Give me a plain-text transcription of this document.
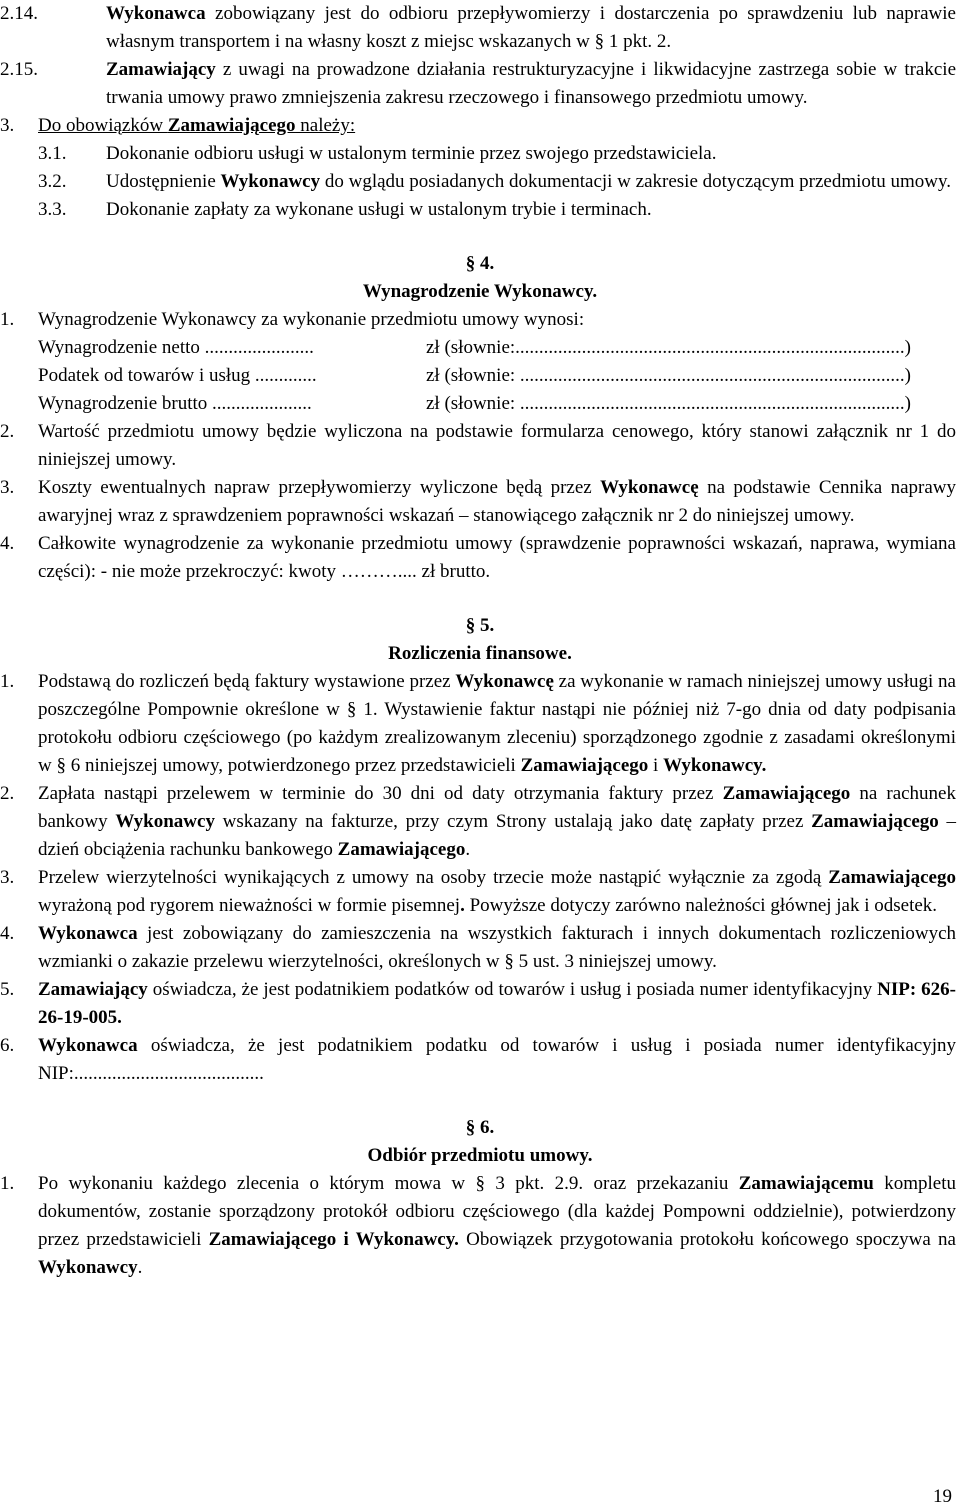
2.14.	Wykonawca zobowiązany jest do odbioru przepływomierzy i dostarczenia po sprawdzeniu lub naprawie własnym transportem i na własny koszt z miejsc wskazanych w § 1 pkt. 2.
2.15.	Zamawiający z uwagi na prowadzone działania restrukturyzacyjne i likwidacyjne zastrzega sobie w trakcie trwania umowy prawo zmniejszenia zakresu rzeczowego i finansowego przedmiotu umowy.
3. Do obowiązków Zamawiającego należy:
3.1. Dokonanie odbioru usługi w ustalonym terminie przez swojego przedstawiciela.
3.2. Udostępnienie Wykonawcy do wglądu posiadanych dokumentacji w zakresie dotyczącym przedmiotu umowy.
3.3. Dokonanie zapłaty za wykonane usługi w ustalonym trybie i terminach.
§ 4.
Wynagrodzenie Wykonawcy.
1. Wynagrodzenie Wykonawcy za wykonanie przedmiotu umowy wynosi:
Wynagrodzenie netto .......................	zł (słownie:..................................................................................)
Podatek od towarów i usług .............	zł (słownie: .................................................................................)
Wynagrodzenie brutto .....................	zł (słownie: .................................................................................)
2. Wartość przedmiotu umowy będzie wyliczona na podstawie formularza cenowego, który stanowi załącznik nr 1 do niniejszej umowy.
3. Koszty ewentualnych napraw przepływomierzy wyliczone będą przez Wykonawcę na podstawie Cennika naprawy awaryjnej wraz z sprawdzeniem poprawności wskazań – stanowiącego załącznik nr 2 do niniejszej umowy.
4. Całkowite wynagrodzenie za wykonanie przedmiotu umowy (sprawdzenie poprawności wskazań, naprawa, wymiana części): - nie może przekroczyć: kwoty ……….... zł brutto.
§ 5.
Rozliczenia finansowe.
1. Podstawą do rozliczeń będą faktury wystawione przez Wykonawcę za wykonanie w ramach niniejszej umowy usługi na poszczególne Pompownie określone w § 1. Wystawienie faktur nastąpi nie później niż 7-go dnia od daty podpisania protokołu odbioru częściowego (po każdym zrealizowanym zleceniu) sporządzonego zgodnie z zasadami określonymi w § 6 niniejszej umowy, potwierdzonego przez przedstawicieli Zamawiającego i Wykonawcy.
2. Zapłata nastąpi przelewem w terminie do 30 dni od daty otrzymania faktury przez Zamawiającego na rachunek bankowy Wykonawcy wskazany na fakturze, przy czym Strony ustalają jako datę zapłaty przez Zamawiającego – dzień obciążenia rachunku bankowego Zamawiającego.
3. Przelew wierzytelności wynikających z umowy na osoby trzecie może nastąpić wyłącznie za zgodą Zamawiającego wyrażoną pod rygorem nieważności w formie pisemnej. Powyższe dotyczy zarówno należności głównej jak i odsetek.
4. Wykonawca jest zobowiązany do zamieszczenia na wszystkich fakturach i innych dokumentach rozliczeniowych wzmianki o zakazie przelewu wierzytelności, określonych w § 5 ust. 3 niniejszej umowy.
5. Zamawiający oświadcza, że jest podatnikiem podatków od towarów i usług i posiada numer identyfikacyjny NIP: 626-26-19-005.
6. Wykonawca oświadcza, że jest podatnikiem podatku od towarów i usług i posiada numer identyfikacyjny NIP:........................................
§ 6.
Odbiór przedmiotu umowy.
1. Po wykonaniu każdego zlecenia o którym mowa w § 3 pkt. 2.9. oraz przekazaniu Zamawiającemu kompletu dokumentów, zostanie sporządzony protokół odbioru częściowego (dla każdej Pompowni oddzielnie), potwierdzony przez przedstawicieli Zamawiającego i Wykonawcy. Obowiązek przygotowania protokołu końcowego spoczywa na Wykonawcy.
19
